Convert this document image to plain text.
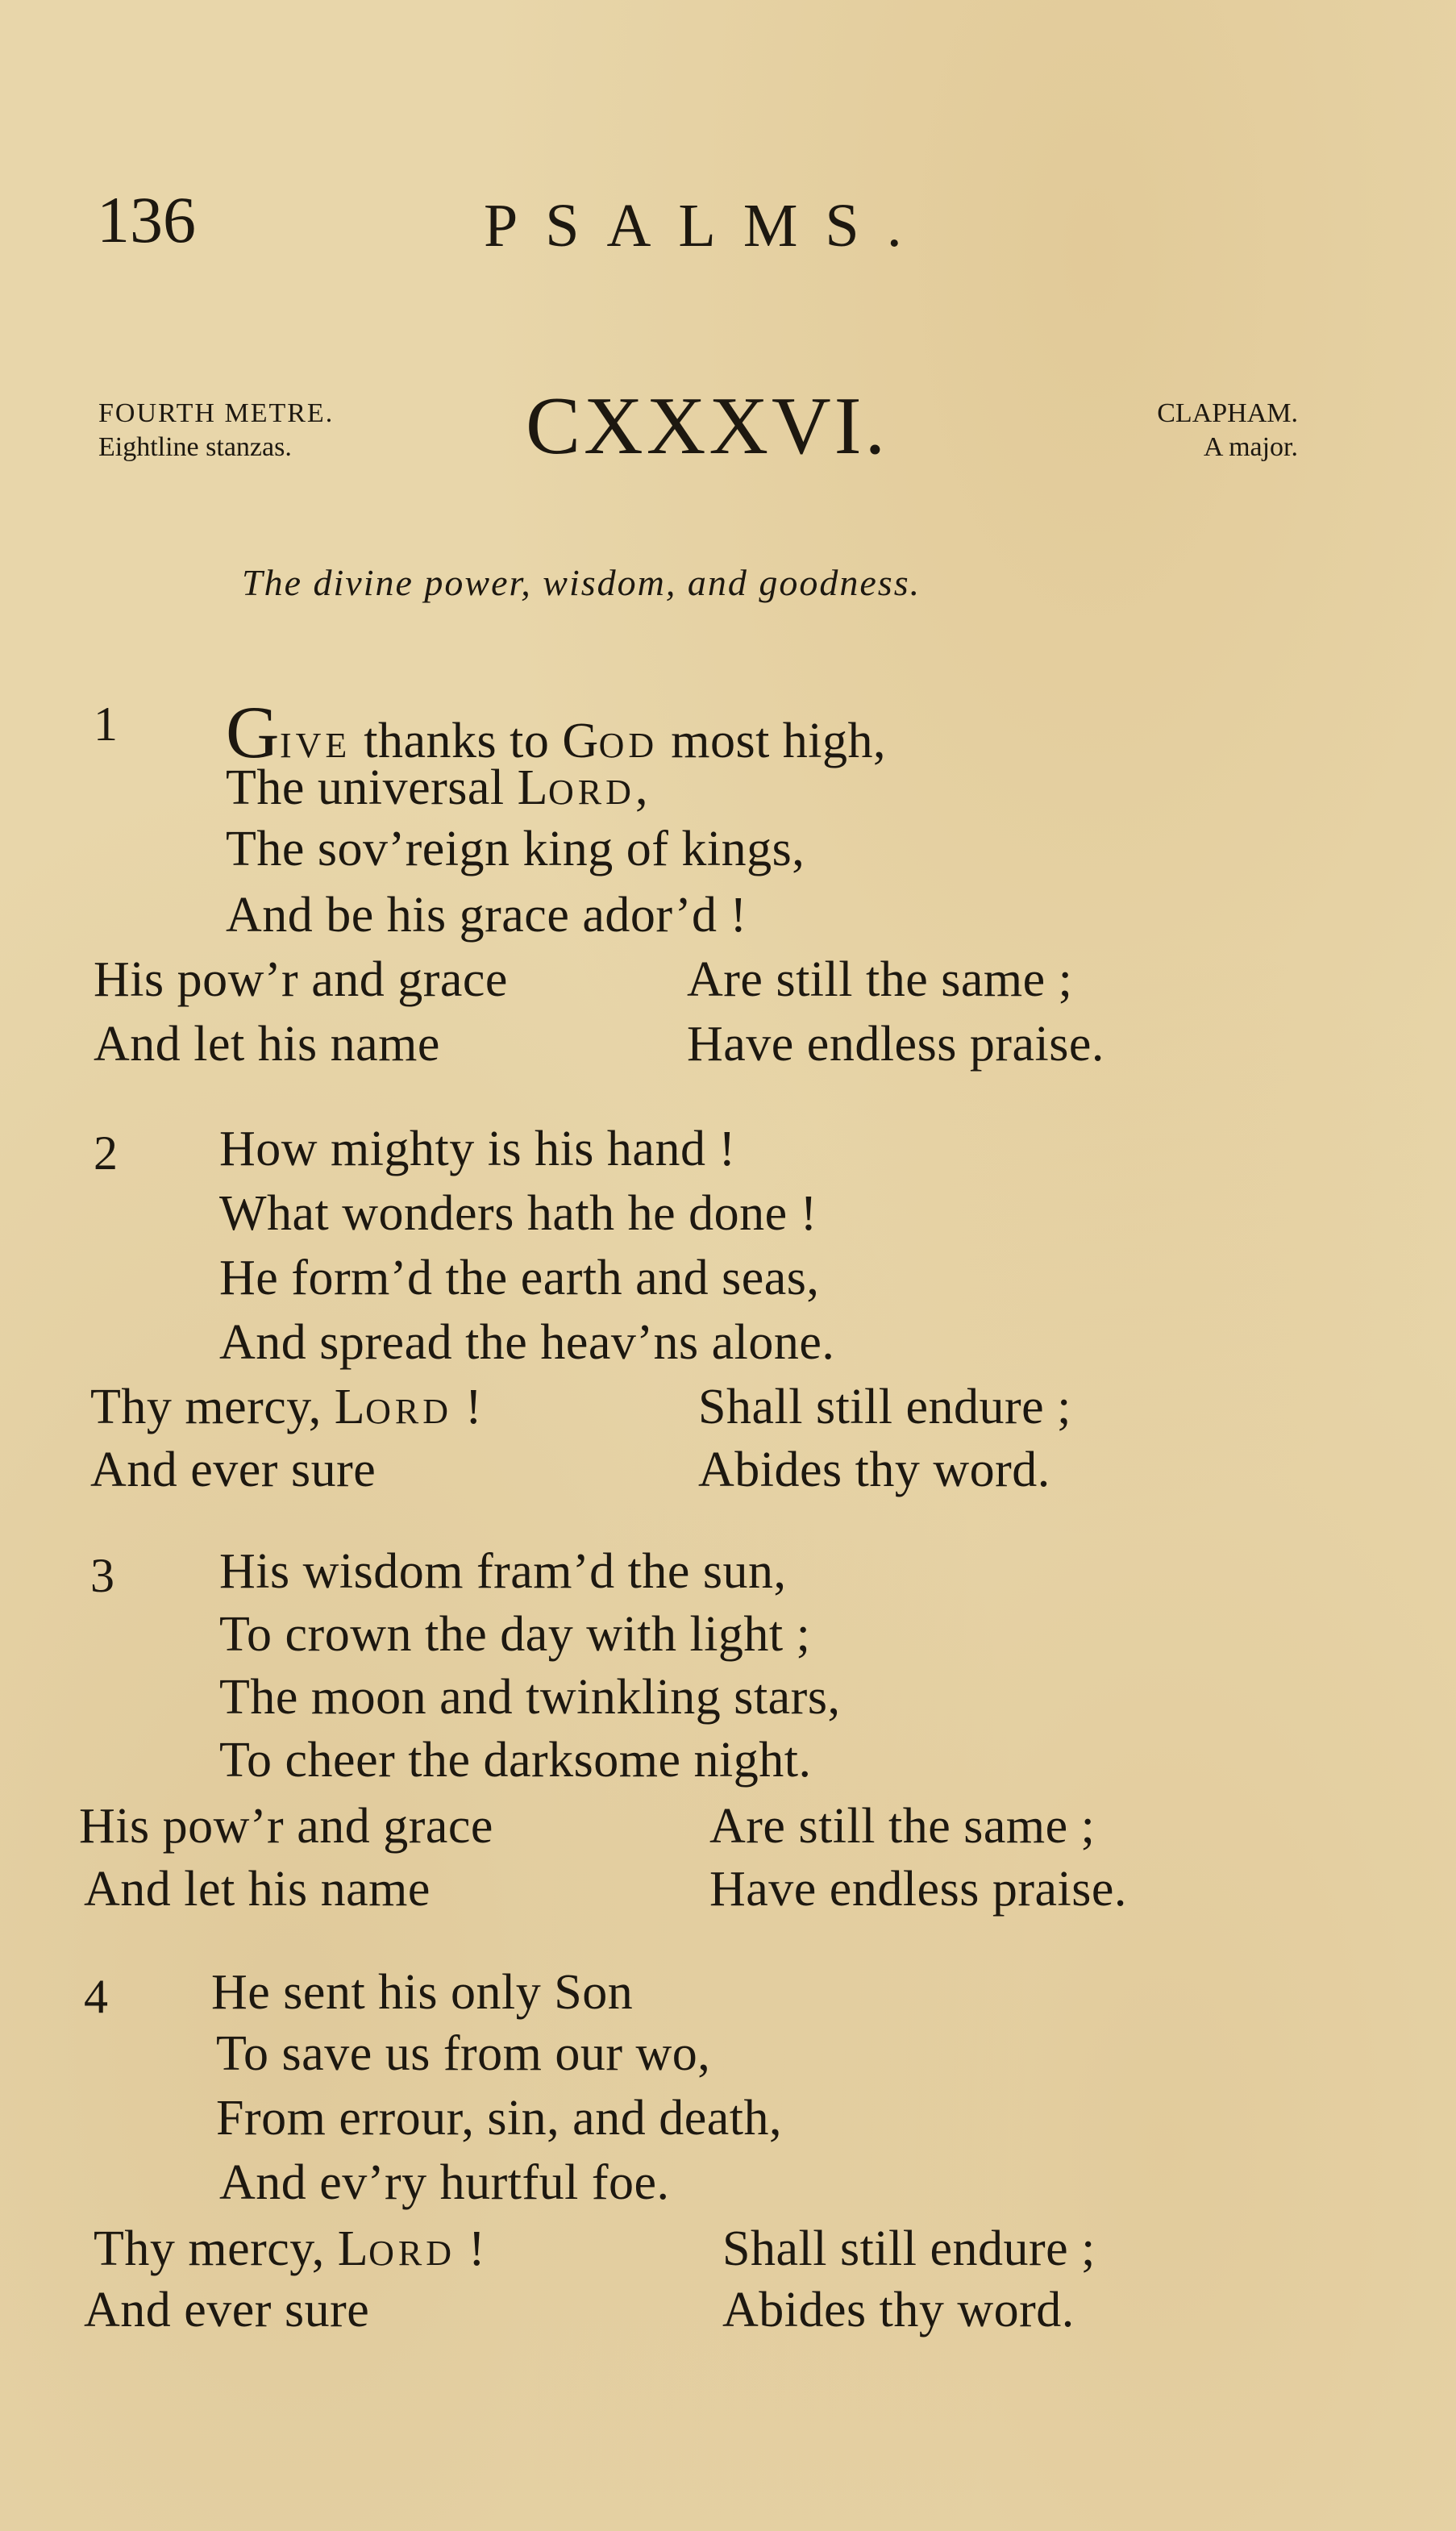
136	PSALMS.
FOURTH METRE.
Eightline stanzas.	CXXXVI.	CLAPHAM.
A major.
The divine power, wisdom, and goodness.
1 GIVE thanks to GOD most high,
The universal LORD,
The sov’reign king of kings,
And be his grace ador’d !
His pow’r and grace	Are still the same ;
And let his name	Have endless praise.
2 How mighty is his hand !
What wonders hath he done !
He form’d the earth and seas,
And spread the heav’ns alone.
Thy mercy, LORD !	Shall still endure ;
And ever sure	Abides thy word.
3 His wisdom fram’d the sun,
To crown the day with light ;
The moon and twinkling stars,
To cheer the darksome night.
His pow’r and grace	Are still the same ;
And let his name	Have endless praise.
4 He sent his only Son
To save us from our wo,
From errour, sin, and death,
And ev’ry hurtful foe.
Thy mercy, LORD !	Shall still endure ;
And ever sure	Abides thy word.
